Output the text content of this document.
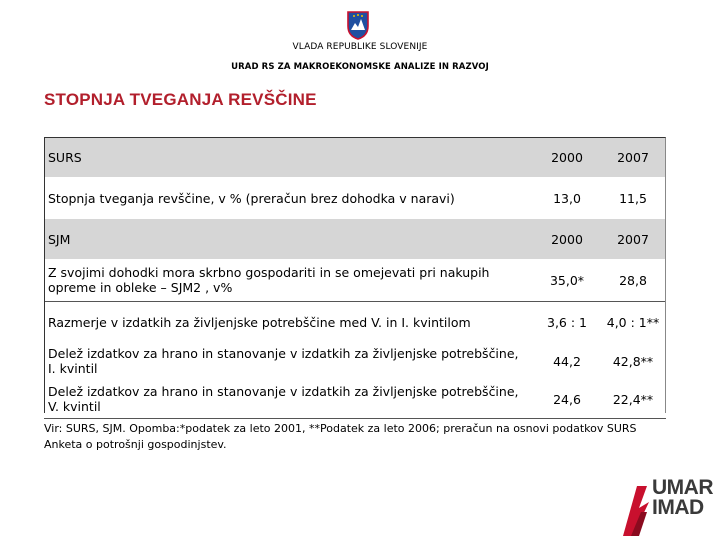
VLADA REPUBLIKE SLOVENIJE
URAD RS ZA MAKROEKONOMSKE ANALIZE IN RAZVOJ
STOPNJA TVEGANJA REVŠČINE
SURS	2000	2007
Stopnja tveganja revščine, v % (preračun brez dohodka v naravi)	13,0	11,5
SJM	2000	2007

Z svojimi dohodki mora skrbno gospodariti in se omejevati pri nakupih opreme in obleke – SJM2 , v%	35,0*	28,8
Razmerje v izdatkih za življenjske potrebščine med V. in I. kvintilom	3,6 : 1	4,0 : 1**

Delež izdatkov za hrano in stanovanje v izdatkih za življenjske potrebščine, I. kvintil	44,2	42,8**

Delež izdatkov za hrano in stanovanje v izdatkih za življenjske potrebščine, V. kvintil	24,6	22,4**
Vir: SURS, SJM. Opomba:*podatek za leto 2001, **Podatek za leto 2006; preračun na osnovi podatkov SURS Anketa o potrošnji gospodinjstev.
UMAR
IMAD
